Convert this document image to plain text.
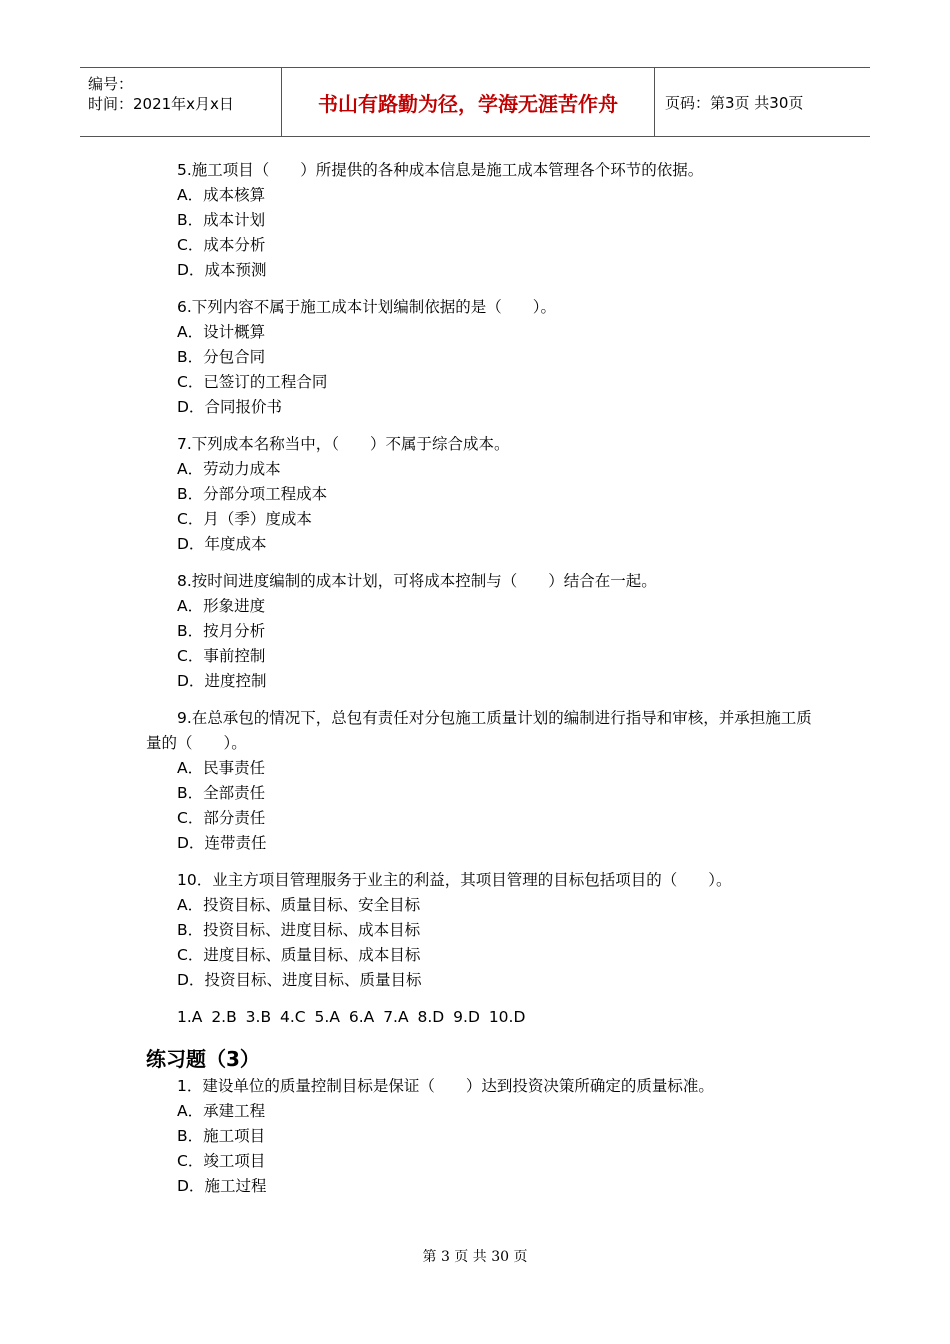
编号：
时间：2021年x月x日	书山有路勤为径，学海无涯苦作舟	页码：第3页 共30页
5.施工项目（　　）所提供的各种成本信息是施工成本管理各个环节的依据。
A．成本核算
B．成本计划
C．成本分析
D．成本预测
6.下列内容不属于施工成本计划编制依据的是（　　）。
A．设计概算
B．分包合同
C．已签订的工程合同
D．合同报价书
7.下列成本名称当中，（　　）不属于综合成本。
A．劳动力成本
B．分部分项工程成本
C．月（季）度成本
D．年度成本
8.按时间进度编制的成本计划，可将成本控制与（　　）结合在一起。
A．形象进度
B．按月分析
C．事前控制
D．进度控制
9.在总承包的情况下，总包有责任对分包施工质量计划的编制进行指导和审核，并承担施工质量的（　　）。
A．民事责任
B．全部责任
C．部分责任
D．连带责任
10．业主方项目管理服务于业主的利益，其项目管理的目标包括项目的（　　）。
A．投资目标、质量目标、安全目标
B．投资目标、进度目标、成本目标
C．进度目标、质量目标、成本目标
D．投资目标、进度目标、质量目标
1.A 2.B 3.B 4.C 5.A 6.A 7.A 8.D 9.D 10.D
练习题（3）
1．建设单位的质量控制目标是保证（　　）达到投资决策所确定的质量标准。
A．承建工程
B．施工项目
C．竣工项目
D．施工过程
第 3 页 共 30 页
